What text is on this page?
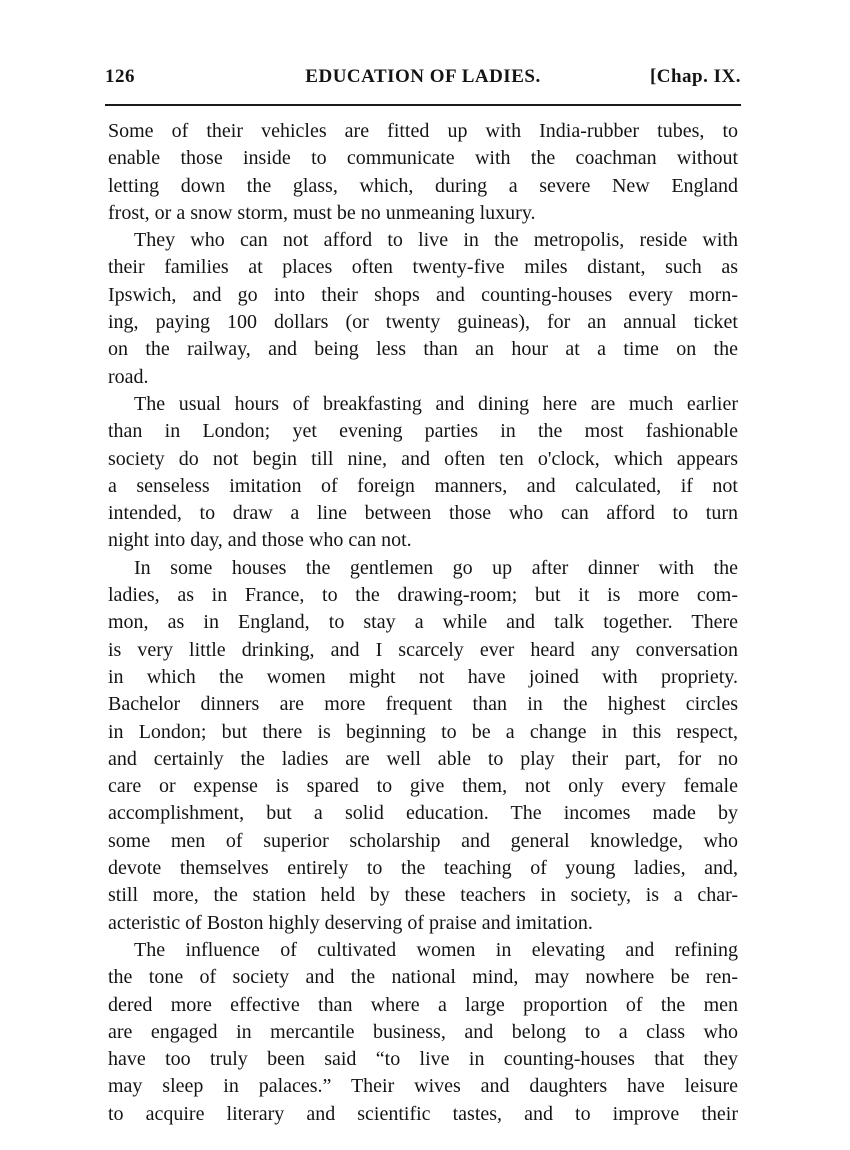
126	EDUCATION OF LADIES.	[Chap. IX.
Some of their vehicles are fitted up with India-rubber tubes, to
enable those inside to communicate with the coachman without
letting down the glass, which, during a severe New England
frost, or a snow storm, must be no unmeaning luxury.
They who can not afford to live in the metropolis, reside with
their families at places often twenty-five miles distant, such as
Ipswich, and go into their shops and counting-houses every morn-
ing, paying 100 dollars (or twenty guineas), for an annual ticket
on the railway, and being less than an hour at a time on the
road.
The usual hours of breakfasting and dining here are much earlier
than in London; yet evening parties in the most fashionable
society do not begin till nine, and often ten o'clock, which appears
a senseless imitation of foreign manners, and calculated, if not
intended, to draw a line between those who can afford to turn
night into day, and those who can not.
In some houses the gentlemen go up after dinner with the
ladies, as in France, to the drawing-room; but it is more com-
mon, as in England, to stay a while and talk together. There
is very little drinking, and I scarcely ever heard any conversation
in which the women might not have joined with propriety.
Bachelor dinners are more frequent than in the highest circles
in London; but there is beginning to be a change in this respect,
and certainly the ladies are well able to play their part, for no
care or expense is spared to give them, not only every female
accomplishment, but a solid education. The incomes made by
some men of superior scholarship and general knowledge, who
devote themselves entirely to the teaching of young ladies, and,
still more, the station held by these teachers in society, is a char-
acteristic of Boston highly deserving of praise and imitation.
The influence of cultivated women in elevating and refining
the tone of society and the national mind, may nowhere be ren-
dered more effective than where a large proportion of the men
are engaged in mercantile business, and belong to a class who
have too truly been said “to live in counting-houses that they
may sleep in palaces.” Their wives and daughters have leisure
to acquire literary and scientific tastes, and to improve their
